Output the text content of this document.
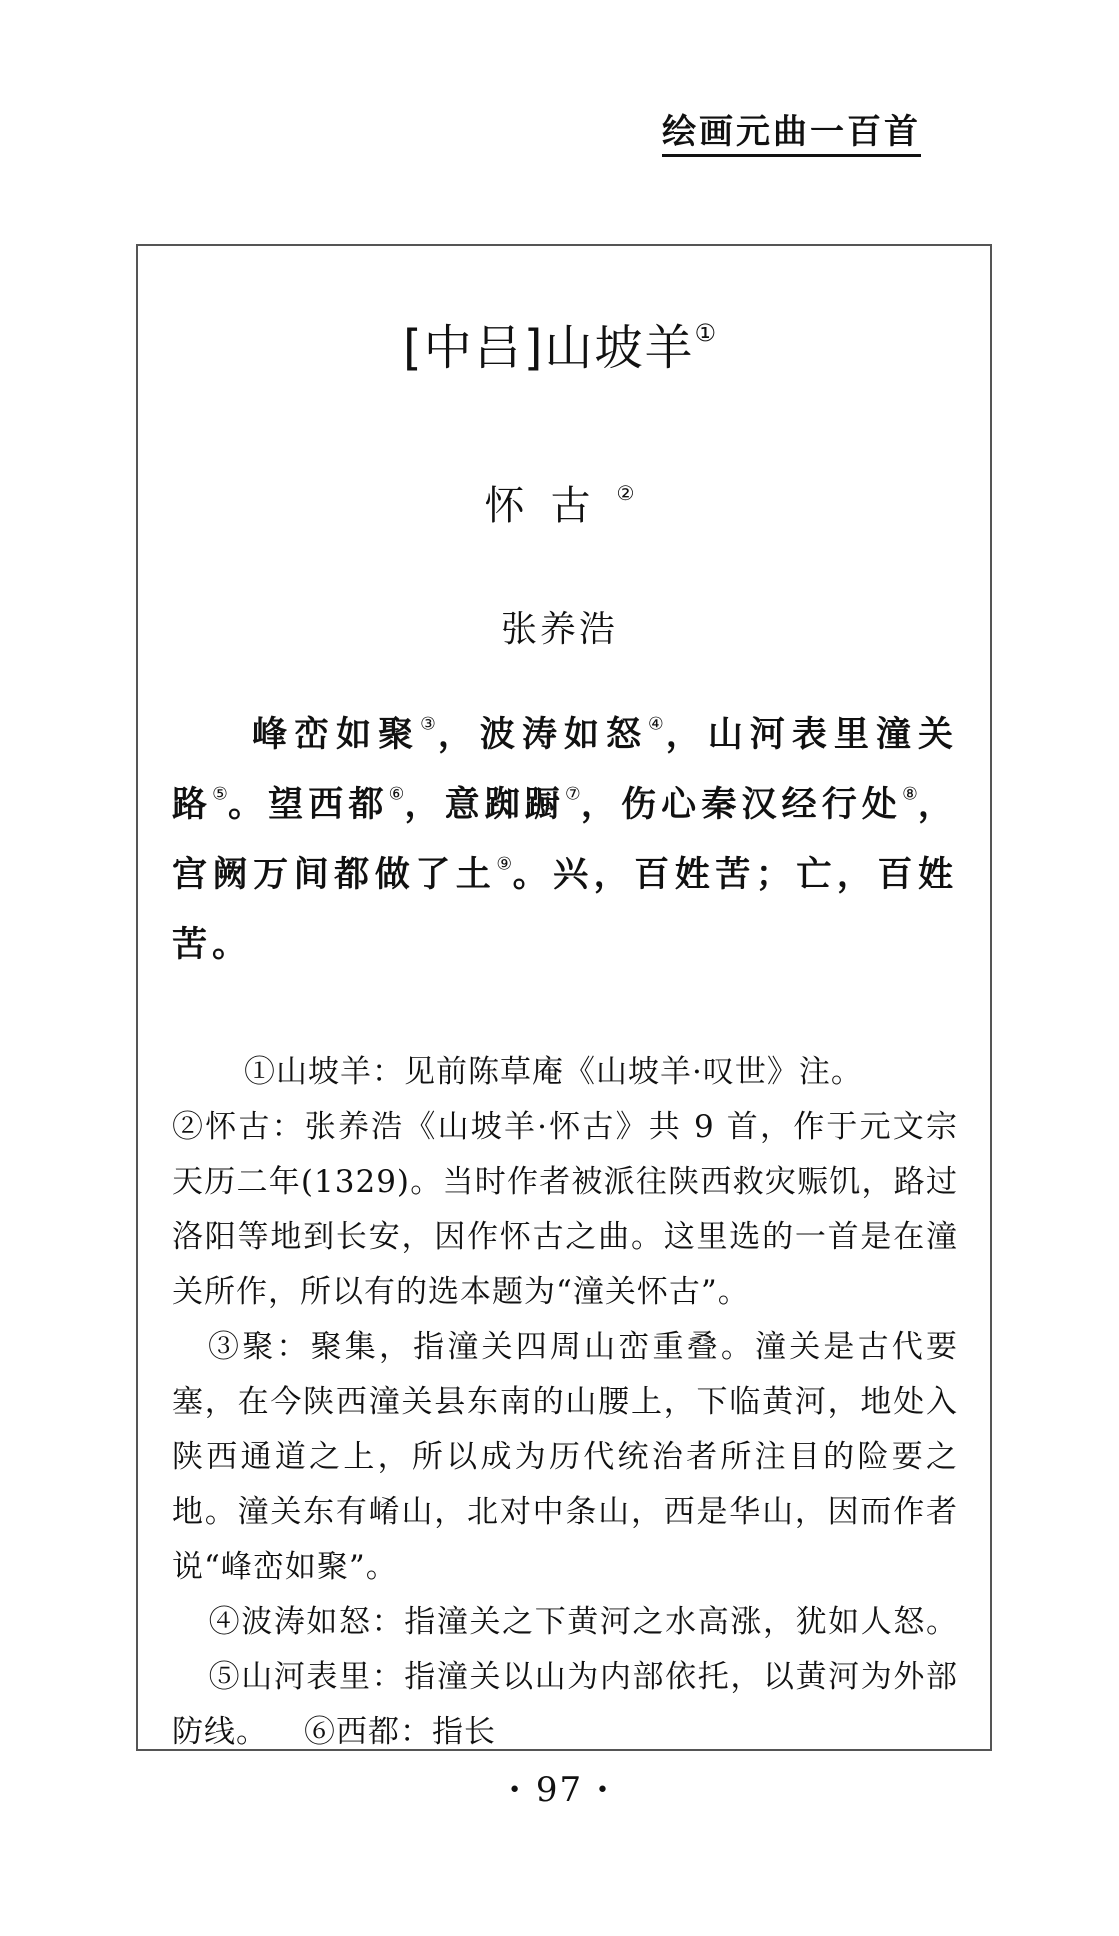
绘画元曲一百首
[中吕]山坡羊①
怀古②
张养浩
峰峦如聚③，波涛如怒④，山河表里潼关路⑤。望西都⑥，意踟蹰⑦，伤心秦汉经行处⑧，宫阙万间都做了土⑨。兴，百姓苦；亡，百姓苦。
①山坡羊：见前陈草庵《山坡羊·叹世》注。
②怀古：张养浩《山坡羊·怀古》共 9 首，作于元文宗天历二年(1329)。当时作者被派往陕西救灾赈饥，路过洛阳等地到长安，因作怀古之曲。这里选的一首是在潼关所作，所以有的选本题为“潼关怀古”。
③聚：聚集，指潼关四周山峦重叠。潼关是古代要塞，在今陕西潼关县东南的山腰上，下临黄河，地处入陕西通道之上，所以成为历代统治者所注目的险要之地。潼关东有崤山，北对中条山，西是华山，因而作者说“峰峦如聚”。
④波涛如怒：指潼关之下黄河之水高涨，犹如人怒。⑤山河表里：指潼关以山为内部依托，以黄河为外部防线。 ⑥西都：指长
• 97 •
